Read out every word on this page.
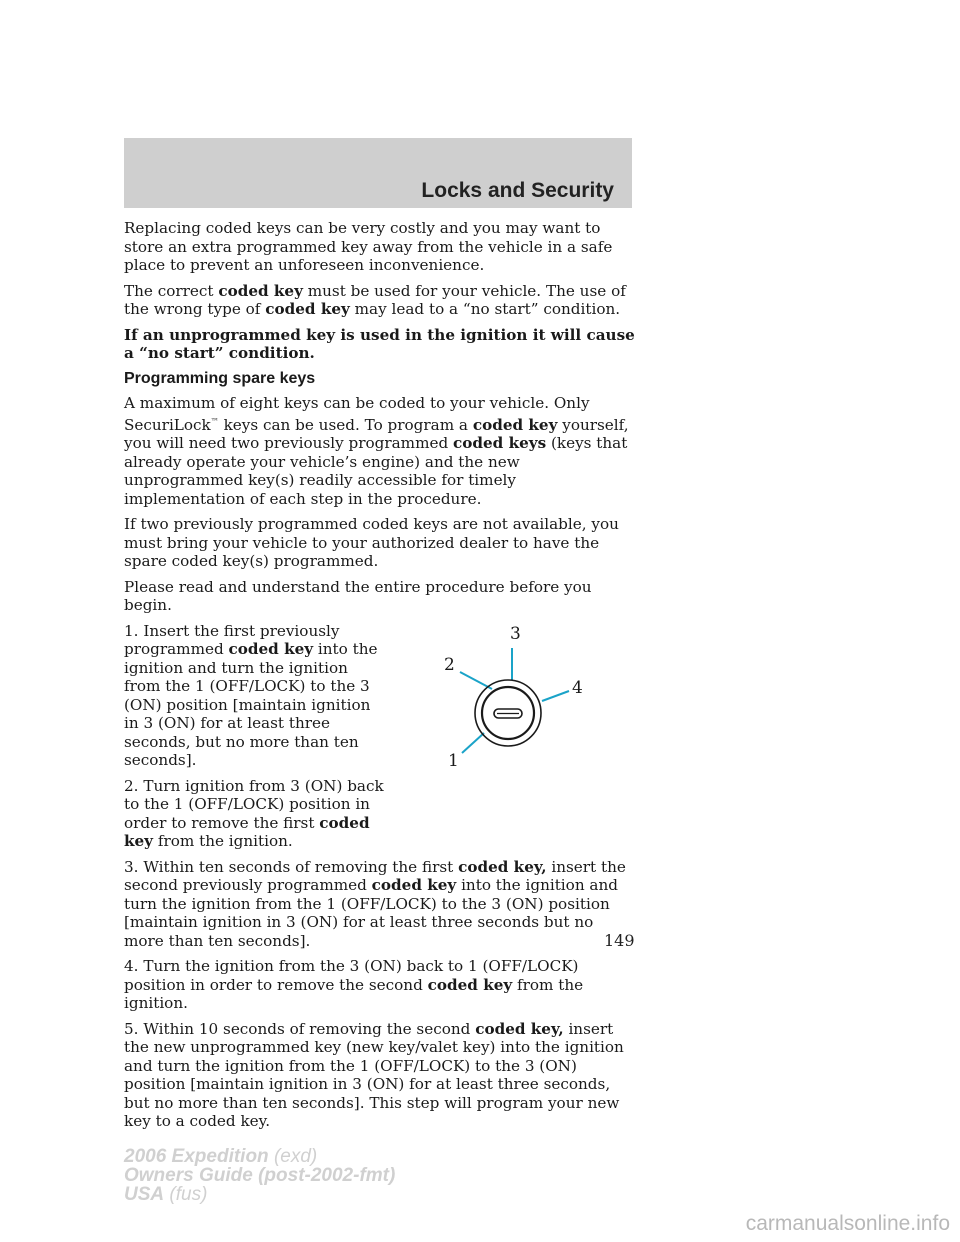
Locks and Security

Replacing coded keys can be very costly and you may want to store an extra programmed key away from the vehicle in a safe place to prevent an unforeseen inconvenience.

The correct coded key must be used for your vehicle. The use of the wrong type of coded key may lead to a “no start” condition.

If an unprogrammed key is used in the ignition it will cause a “no start” condition.

Programming spare keys

A maximum of eight keys can be coded to your vehicle. Only SecuriLock™ keys can be used. To program a coded key yourself, you will need two previously programmed coded keys (keys that already operate your vehicle’s engine) and the new unprogrammed key(s) readily accessible for timely implementation of each step in the procedure.

If two previously programmed coded keys are not available, you must bring your vehicle to your authorized dealer to have the spare coded key(s) programmed.

Please read and understand the entire procedure before you begin.

1. Insert the first previously programmed coded key into the ignition and turn the ignition from the 1 (OFF/LOCK) to the 3 (ON) position [maintain ignition in 3 (ON) for at least three seconds, but no more than ten seconds].

2. Turn ignition from 3 (ON) back to the 1 (OFF/LOCK) position in order to remove the first coded key from the ignition.

3
2
4
1

3. Within ten seconds of removing the first coded key, insert the second previously programmed coded key into the ignition and turn the ignition from the 1 (OFF/LOCK) to the 3 (ON) position [maintain ignition in 3 (ON) for at least three seconds but no more than ten seconds].

4. Turn the ignition from the 3 (ON) back to 1 (OFF/LOCK) position in order to remove the second coded key from the ignition.

5. Within 10 seconds of removing the second coded key, insert the new unprogrammed key (new key/valet key) into the ignition and turn the ignition from the 1 (OFF/LOCK) to the 3 (ON) position [maintain ignition in 3 (ON) for at least three seconds, but no more than ten seconds]. This step will program your new key to a coded key.

149
2006 Expedition (exd)
Owners Guide (post-2002-fmt)
USA (fus)
carmanualsonline.info
